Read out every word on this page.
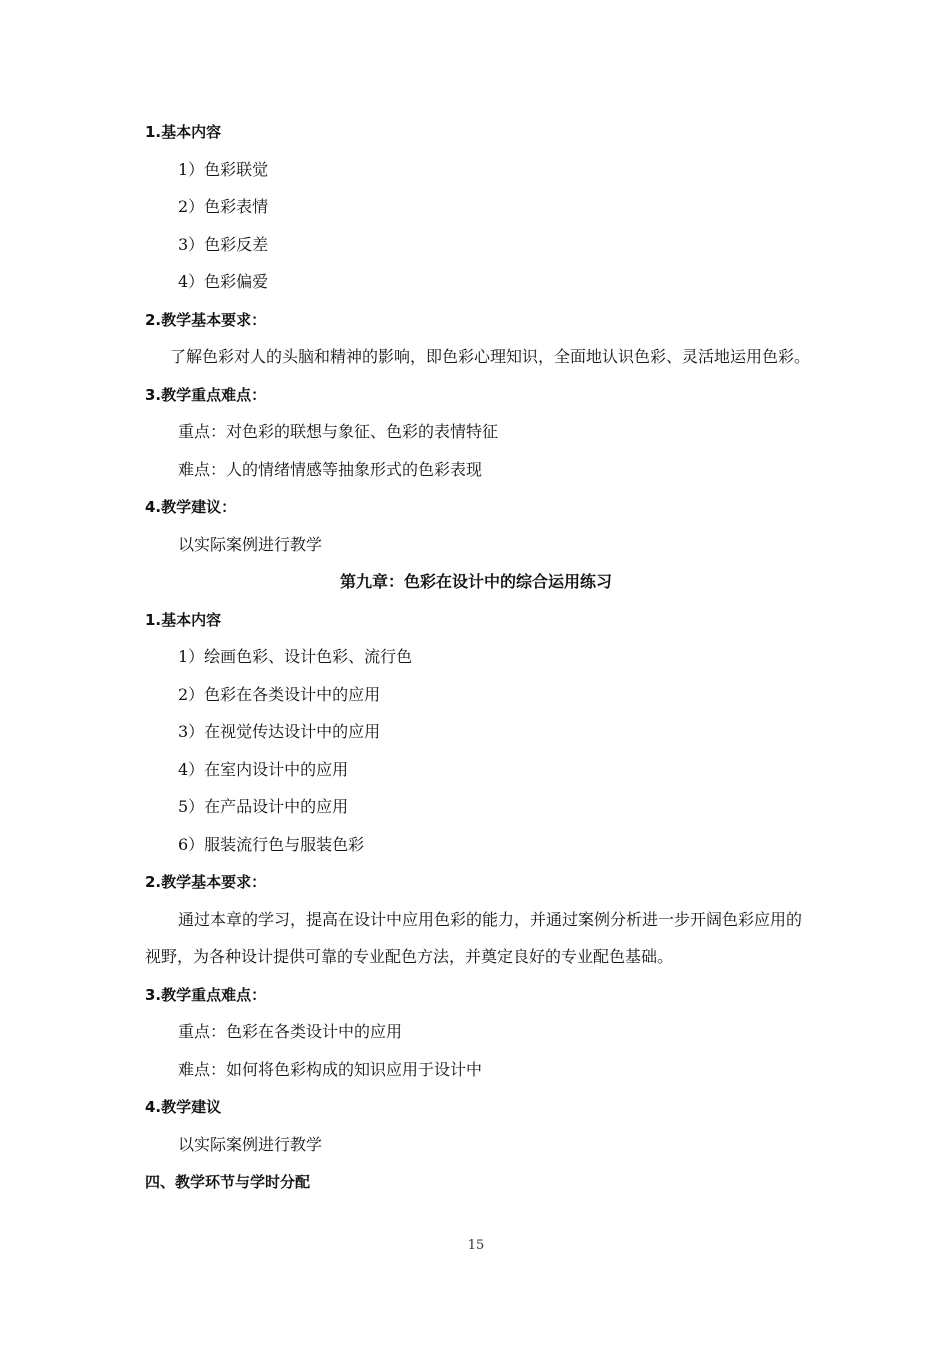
1.基本内容
1）色彩联觉
2）色彩表情
3）色彩反差
4）色彩偏爱
2.教学基本要求：
了解色彩对人的头脑和精神的影响，即色彩心理知识，全面地认识色彩、灵活地运用色彩。
3.教学重点难点：
重点：对色彩的联想与象征、色彩的表情特征
难点：人的情绪情感等抽象形式的色彩表现
4.教学建议：
以实际案例进行教学
第九章：色彩在设计中的综合运用练习
1.基本内容
1）绘画色彩、设计色彩、流行色
2）色彩在各类设计中的应用
3）在视觉传达设计中的应用
4）在室内设计中的应用
5）在产品设计中的应用
6）服装流行色与服装色彩
2.教学基本要求：
通过本章的学习，提高在设计中应用色彩的能力，并通过案例分析进一步开阔色彩应用的
视野，为各种设计提供可靠的专业配色方法，并奠定良好的专业配色基础。
3.教学重点难点：
重点：色彩在各类设计中的应用
难点：如何将色彩构成的知识应用于设计中
4.教学建议
以实际案例进行教学
四、教学环节与学时分配
15
